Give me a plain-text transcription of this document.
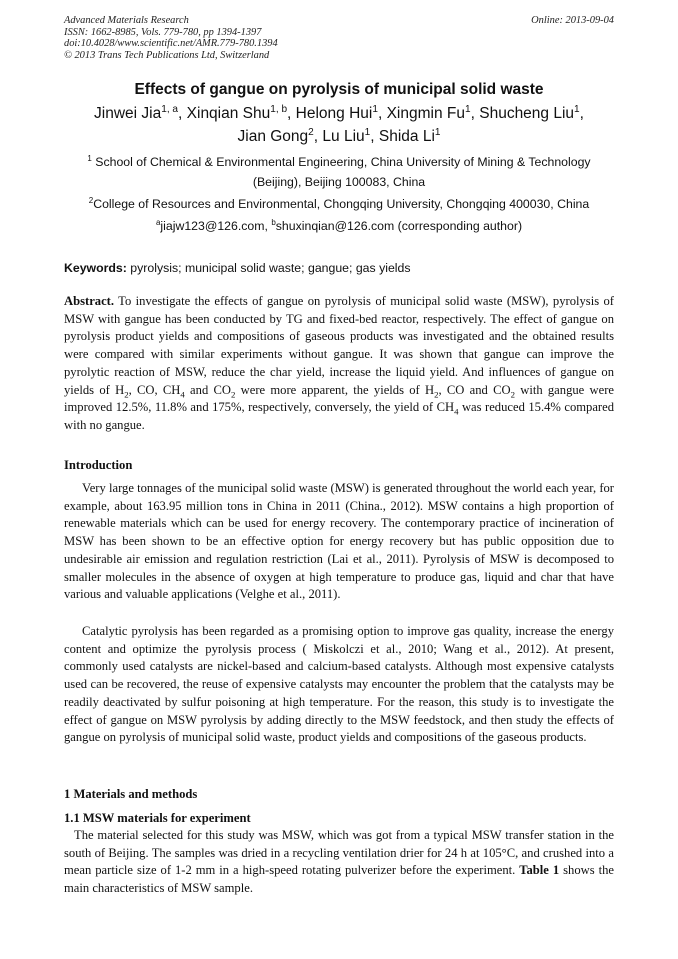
Advanced Materials Research
ISSN: 1662-8985, Vols. 779-780, pp 1394-1397
doi:10.4028/www.scientific.net/AMR.779-780.1394
© 2013 Trans Tech Publications Ltd, Switzerland
Online: 2013-09-04
Effects of gangue on pyrolysis of municipal solid waste
Jinwei Jia$^{1, a}$, Xinqian Shu$^{1, b}$, Helong Hui$^1$, Xingmin Fu$^1$, Shucheng Liu$^1$,
Jian Gong$^2$, Lu Liu$^1$, Shida Li$^1$
$^1$ School of Chemical & Environmental Engineering, China University of Mining & Technology
(Beijing), Beijing 100083, China
$^2$College of Resources and Environmental, Chongqing University, Chongqing 400030, China
$^a$jiajw123@126.com, $^b$shuxinqian@126.com (corresponding author)
Keywords: pyrolysis; municipal solid waste; gangue; gas yields
Abstract. To investigate the effects of gangue on pyrolysis of municipal solid waste (MSW), pyrolysis of MSW with gangue has been conducted by TG and fixed-bed reactor, respectively. The effect of gangue on pyrolysis product yields and compositions of gaseous products was investigated and the obtained results were compared with similar experiments without gangue. It was shown that gangue can improve the pyrolytic reaction of MSW, reduce the char yield, increase the liquid yield. And influences of gangue on yields of $H_2$, CO, $CH_4$ and $CO_2$ were more apparent, the yields of $H_2$, CO and $CO_2$ with gangue were improved 12.5%, 11.8% and 175%, respectively, conversely, the yield of $CH_4$ was reduced 15.4% compared with no gangue.
Introduction
Very large tonnages of the municipal solid waste (MSW) is generated throughout the world each year, for example, about 163.95 million tons in China in 2011 (China., 2012). MSW contains a high proportion of renewable materials which can be used for energy recovery. The contemporary practice of incineration of MSW has been shown to be an effective option for energy recovery but has public opposition due to undesirable air emission and regulation restriction (Lai et al., 2011). Pyrolysis of MSW is decomposed to smaller molecules in the absence of oxygen at high temperature to produce gas, liquid and char that have various and valuable applications (Velghe et al., 2011).
Catalytic pyrolysis has been regarded as a promising option to improve gas quality, increase the energy content and optimize the pyrolysis process ( Miskolczi et al., 2010; Wang et al., 2012). At present, commonly used catalysts are nickel-based and calcium-based catalysts. Although most expensive catalysts used can be recovered, the reuse of expensive catalysts may encounter the problem that the catalysts may be readily deactivated by sulfur poisoning at high temperature. For the reason, this study is to investigate the effect of gangue on MSW pyrolysis by adding directly to the MSW feedstock, and then study the effects of gangue on pyrolysis of municipal solid waste, product yields and compositions of the gaseous products.
1 Materials and methods
1.1 MSW materials for experiment
The material selected for this study was MSW, which was got from a typical MSW transfer station in the south of Beijing. The samples was dried in a recycling ventilation drier for 24 h at 105°C, and crushed into a mean particle size of 1-2 mm in a high-speed rotating pulverizer before the experiment. Table 1 shows the main characteristics of MSW sample.
